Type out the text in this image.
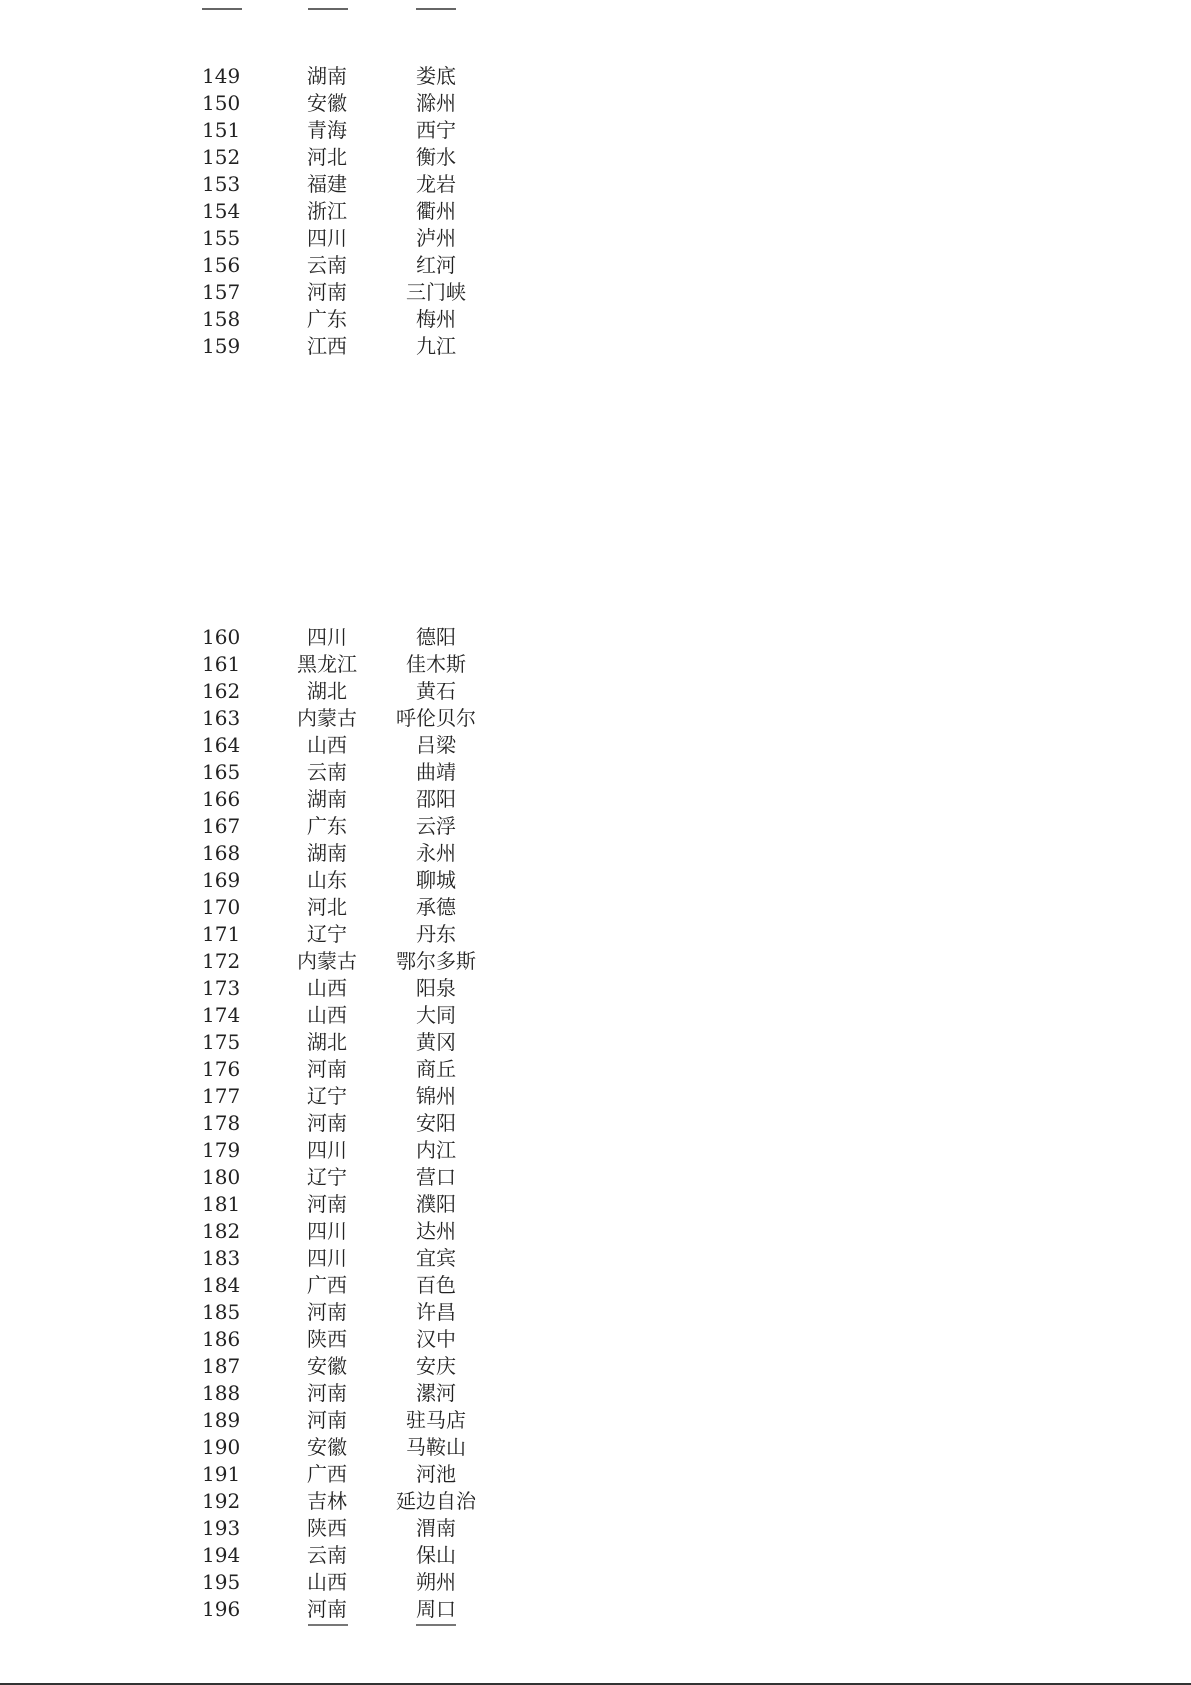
149	湖南	娄底
150	安徽	滁州
151	青海	西宁
152	河北	衡水
153	福建	龙岩
154	浙江	衢州
155	四川	泸州
156	云南	红河
157	河南	三门峡
158	广东	梅州
159	江西	九江
160	四川	德阳
161	黑龙江 佳木斯
162	湖北	黄石
163	内蒙古 呼伦贝尔
164	山西	吕梁
165	云南	曲靖
166	湖南	邵阳
167	广东	云浮
168	湖南	永州
169	山东	聊城
170	河北	承德
171	辽宁	丹东
172	内蒙古 鄂尔多斯
173	山西	阳泉
174	山西	大同
175	湖北	黄冈
176	河南	商丘
177	辽宁	锦州
178	河南	安阳
179	四川	内江
180	辽宁	营口
181	河南	濮阳
182	四川	达州
183	四川	宜宾
184	广西	百色
185	河南	许昌
186	陕西	汉中
187	安徽	安庆
188	河南	漯河
189	河南	驻马店
190	安徽	马鞍山
191	广西	河池
192	吉林 延边自治
193	陕西	渭南
194	云南	保山
195	山西	朔州
196	河南	周口
